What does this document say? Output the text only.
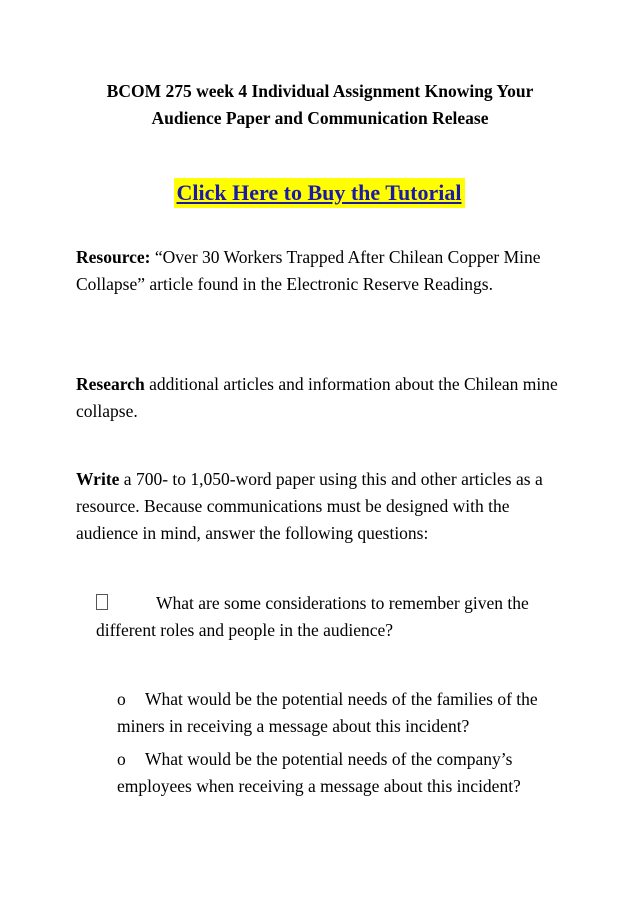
BCOM 275 week 4 Individual Assignment Knowing Your
Audience Paper and Communication Release
Click Here to Buy the Tutorial

Resource: “Over 30 Workers Trapped After Chilean Copper Mine Collapse” article found in the Electronic Reserve Readings.

Research additional articles and information about the Chilean mine collapse.

Write a 700- to 1,050-word paper using this and other articles as a resource. Because communications must be designed with the audience in mind, answer the following questions:

What are some considerations to remember given the different roles and people in the audience?
o What would be the potential needs of the families of the miners in receiving a message about this incident?
o What would be the potential needs of the company’s employees when receiving a message about this incident?
